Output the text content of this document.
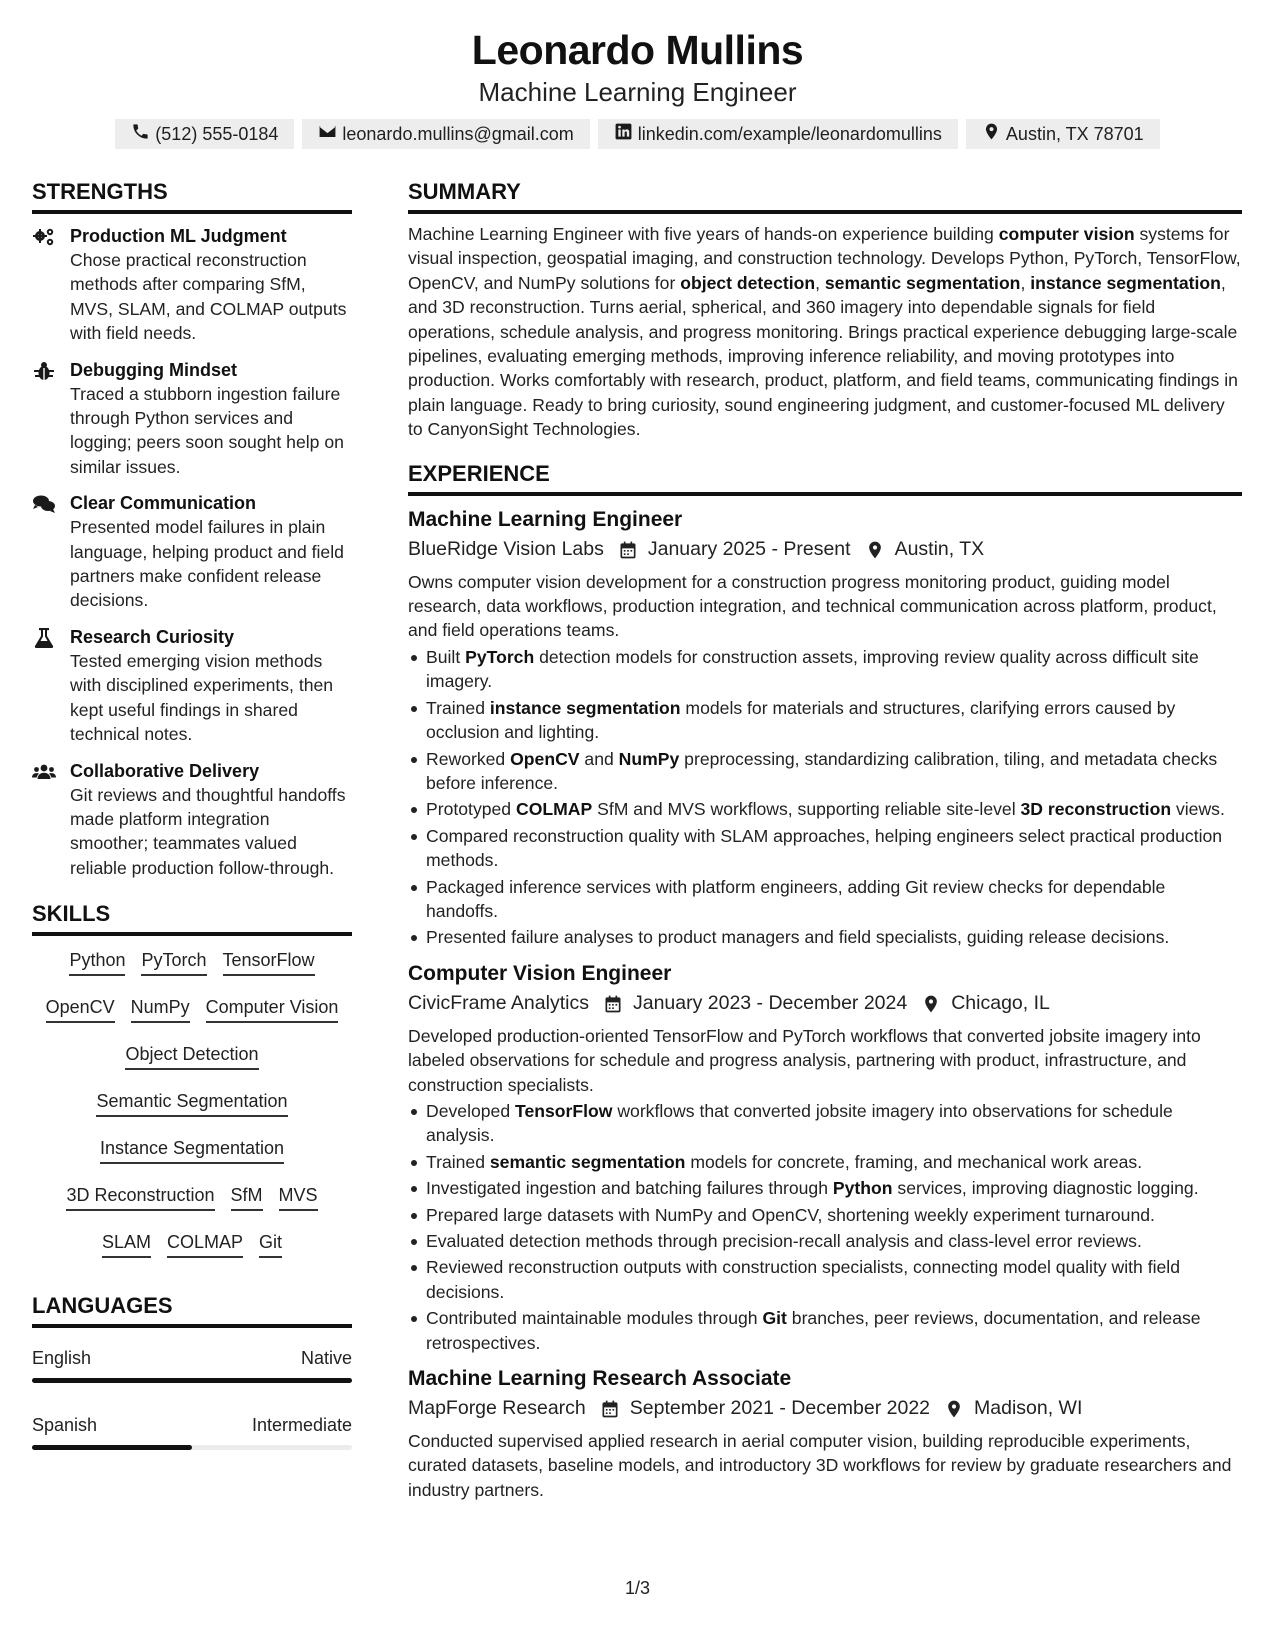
Leonardo Mullins
Machine Learning Engineer
(512) 555-0184	leonardo.mullins@gmail.com	linkedin.com/example/leonardomullins	Austin, TX 78701
STRENGTHS
Production ML Judgment
Chose practical reconstruction methods after comparing SfM, MVS, SLAM, and COLMAP outputs with field needs.
Debugging Mindset
Traced a stubborn ingestion failure through Python services and logging; peers soon sought help on similar issues.
Clear Communication
Presented model failures in plain language, helping product and field partners make confident release decisions.
Research Curiosity
Tested emerging vision methods with disciplined experiments, then kept useful findings in shared technical notes.
Collaborative Delivery
Git reviews and thoughtful handoffs made platform integration smoother; teammates valued reliable production follow-through.
SKILLS
Python PyTorch TensorFlow
OpenCV NumPy Computer Vision
Object Detection
Semantic Segmentation
Instance Segmentation
3D Reconstruction SfM MVS
SLAM COLMAP Git
LANGUAGES
English	Native
Spanish	Intermediate
SUMMARY
Machine Learning Engineer with five years of hands-on experience building computer vision systems for visual inspection, geospatial imaging, and construction technology. Develops Python, PyTorch, TensorFlow, OpenCV, and NumPy solutions for object detection, semantic segmentation, instance segmentation, and 3D reconstruction. Turns aerial, spherical, and 360 imagery into dependable signals for field operations, schedule analysis, and progress monitoring. Brings practical experience debugging large-scale pipelines, evaluating emerging methods, improving inference reliability, and moving prototypes into production. Works comfortably with research, product, platform, and field teams, communicating findings in plain language. Ready to bring curiosity, sound engineering judgment, and customer-focused ML delivery to CanyonSight Technologies.
EXPERIENCE
Machine Learning Engineer
BlueRidge Vision Labs January 2025 - Present Austin, TX
Owns computer vision development for a construction progress monitoring product, guiding model research, data workflows, production integration, and technical communication across platform, product, and field operations teams.
Built PyTorch detection models for construction assets, improving review quality across difficult site imagery.
Trained instance segmentation models for materials and structures, clarifying errors caused by occlusion and lighting.
Reworked OpenCV and NumPy preprocessing, standardizing calibration, tiling, and metadata checks before inference.
Prototyped COLMAP SfM and MVS workflows, supporting reliable site-level 3D reconstruction views.
Compared reconstruction quality with SLAM approaches, helping engineers select practical production methods.
Packaged inference services with platform engineers, adding Git review checks for dependable handoffs.
Presented failure analyses to product managers and field specialists, guiding release decisions.
Computer Vision Engineer
CivicFrame Analytics January 2023 - December 2024 Chicago, IL
Developed production-oriented TensorFlow and PyTorch workflows that converted jobsite imagery into labeled observations for schedule and progress analysis, partnering with product, infrastructure, and construction specialists.
Developed TensorFlow workflows that converted jobsite imagery into observations for schedule analysis.
Trained semantic segmentation models for concrete, framing, and mechanical work areas.
Investigated ingestion and batching failures through Python services, improving diagnostic logging.
Prepared large datasets with NumPy and OpenCV, shortening weekly experiment turnaround.
Evaluated detection methods through precision-recall analysis and class-level error reviews.
Reviewed reconstruction outputs with construction specialists, connecting model quality with field decisions.
Contributed maintainable modules through Git branches, peer reviews, documentation, and release retrospectives.
Machine Learning Research Associate
MapForge Research September 2021 - December 2022 Madison, WI
Conducted supervised applied research in aerial computer vision, building reproducible experiments, curated datasets, baseline models, and introductory 3D workflows for review by graduate researchers and industry partners.
1/3
